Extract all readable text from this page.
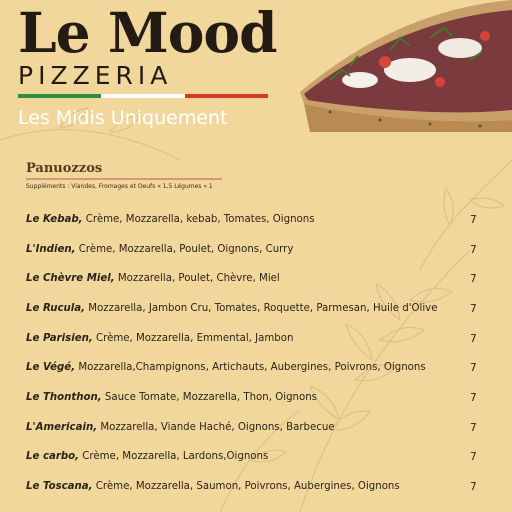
Le Mood
PIZZERIA
Les Midis Uniquement
Panuozzos
Suppléments : Viandes, Fromages et Oeufs « 1,5 Légumes » 1
Le Kebab, Crème, Mozzarella, kebab, Tomates, Oignons	7
L'Indien, Crème, Mozzarella, Poulet, Oignons, Curry	7
Le Chèvre Miel, Mozzarella, Poulet, Chèvre, Miel	7
Le Rucula, Mozzarella, Jambon Cru, Tomates, Roquette, Parmesan, Huile d'Olive	7
Le Parisien, Crème, Mozzarella, Emmental, Jambon	7
Le Végé, Mozzarella,Champignons, Artichauts, Aubergines, Poivrons, Oignons	7
Le Thonthon, Sauce Tomate, Mozzarella, Thon, Oignons	7
L'Americain, Mozzarella, Viande Haché, Oignons, Barbecue	7
Le carbo, Crème, Mozzarella, Lardons,Oignons	7
Le Toscana, Crème, Mozzarella, Saumon, Poivrons, Aubergines, Oignons	7
